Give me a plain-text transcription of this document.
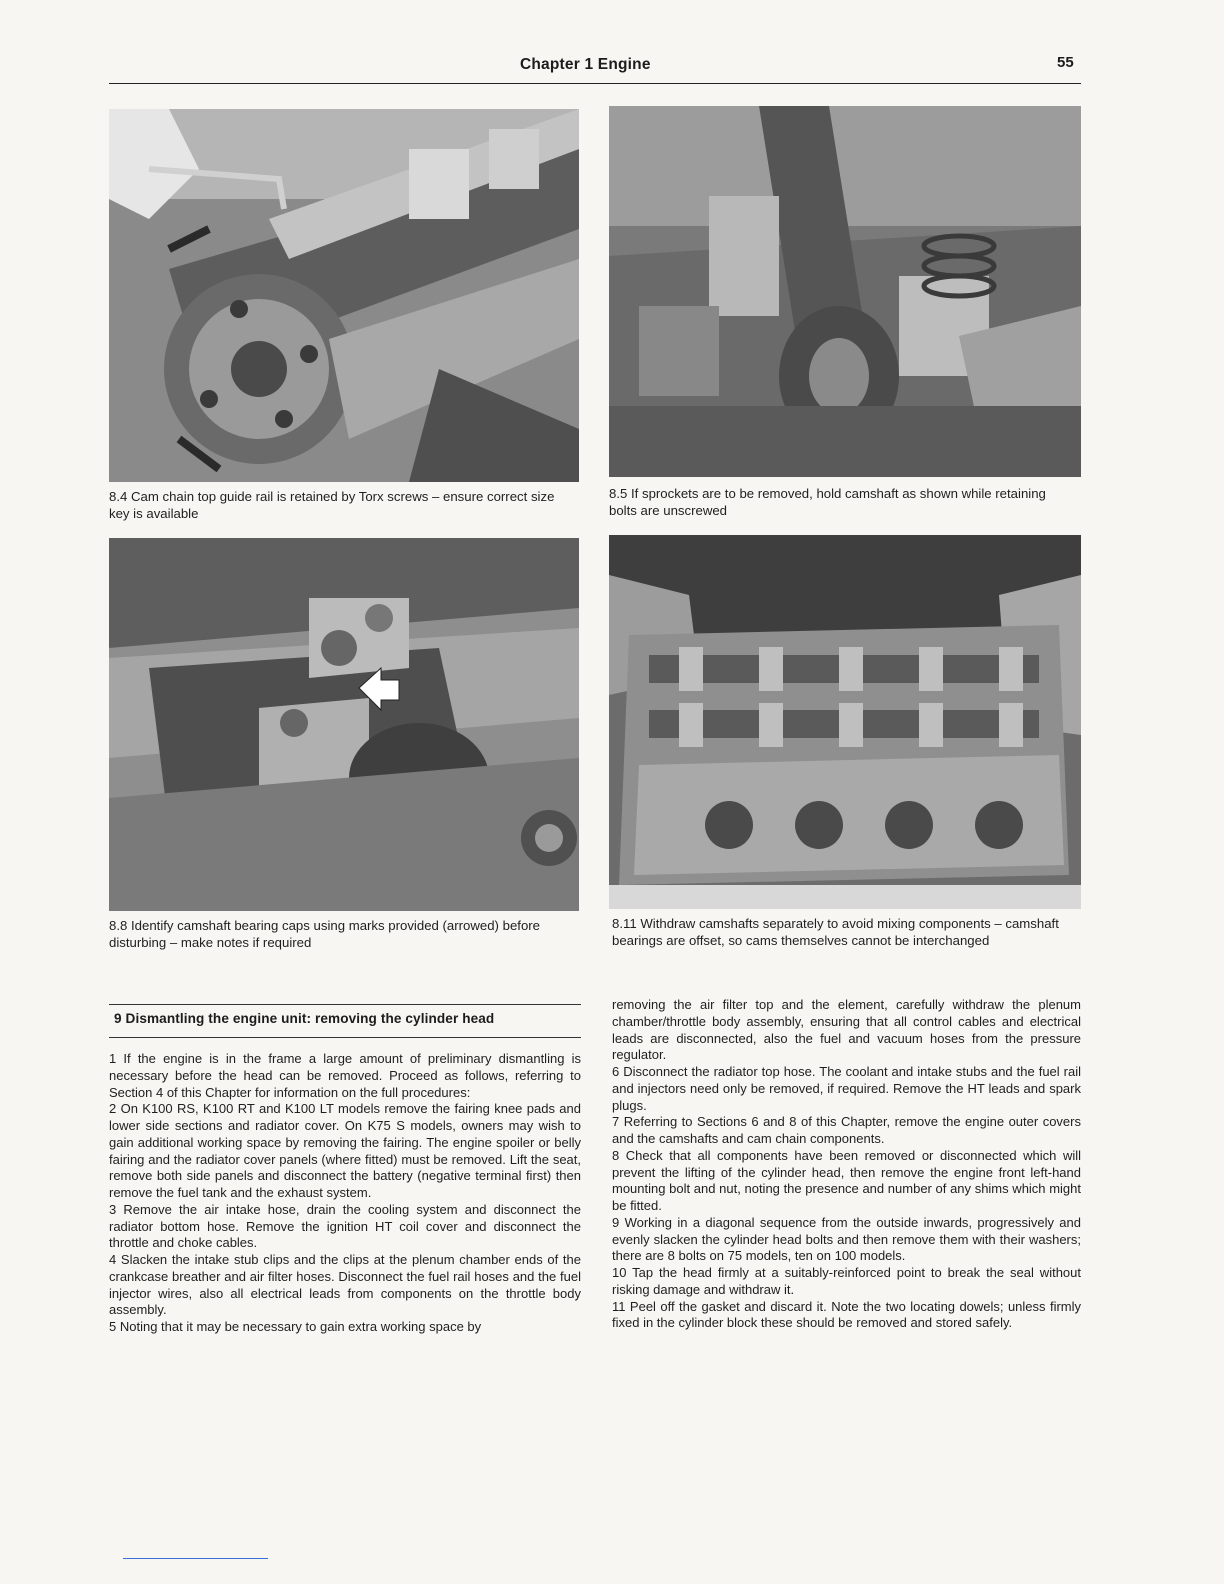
Chapter 1 Engine	55
8.4 Cam chain top guide rail is retained by Torx screws – ensure correct size key is available
8.5 If sprockets are to be removed, hold camshaft as shown while retaining bolts are unscrewed
8.8 Identify camshaft bearing caps using marks provided (arrowed) before disturbing – make notes if required
8.11 Withdraw camshafts separately to avoid mixing components – camshaft bearings are offset, so cams themselves cannot be interchanged
9 Dismantling the engine unit: removing the cylinder head

1 If the engine is in the frame a large amount of preliminary dismantling is necessary before the head can be removed. Proceed as follows, referring to Section 4 of this Chapter for information on the full procedures:

2 On K100 RS, K100 RT and K100 LT models remove the fairing knee pads and lower side sections and radiator cover. On K75 S models, owners may wish to gain additional working space by removing the fairing. The engine spoiler or belly fairing and the radiator cover panels (where fitted) must be removed. Lift the seat, remove both side panels and disconnect the battery (negative terminal first) then remove the fuel tank and the exhaust system.

3 Remove the air intake hose, drain the cooling system and disconnect the radiator bottom hose. Remove the ignition HT coil cover and disconnect the throttle and choke cables.

4 Slacken the intake stub clips and the clips at the plenum chamber ends of the crankcase breather and air filter hoses. Disconnect the fuel rail hoses and the fuel injector wires, also all electrical leads from components on the throttle body assembly.

5 Noting that it may be necessary to gain extra working space by

removing the air filter top and the element, carefully withdraw the plenum chamber/throttle body assembly, ensuring that all control cables and electrical leads are disconnected, also the fuel and vacuum hoses from the pressure regulator.

6 Disconnect the radiator top hose. The coolant and intake stubs and the fuel rail and injectors need only be removed, if required. Remove the HT leads and spark plugs.

7 Referring to Sections 6 and 8 of this Chapter, remove the engine outer covers and the camshafts and cam chain components.

8 Check that all components have been removed or disconnected which will prevent the lifting of the cylinder head, then remove the engine front left-hand mounting bolt and nut, noting the presence and number of any shims which might be fitted.

9 Working in a diagonal sequence from the outside inwards, progressively and evenly slacken the cylinder head bolts and then remove them with their washers; there are 8 bolts on 75 models, ten on 100 models.

10 Tap the head firmly at a suitably-reinforced point to break the seal without risking damage and withdraw it.

11 Peel off the gasket and discard it. Note the two locating dowels; unless firmly fixed in the cylinder block these should be removed and stored safely.
